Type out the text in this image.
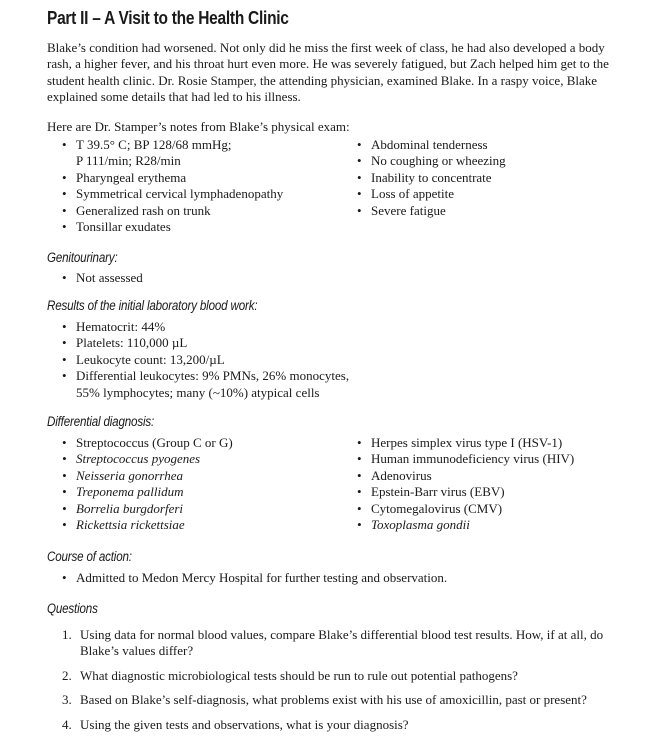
Part II – A Visit to the Health Clinic

Blake’s condition had worsened. Not only did he miss the first week of class, he had also developed a body rash, a higher fever, and his throat hurt even more. He was severely fatigued, but Zach helped him get to the student health clinic. Dr. Rosie Stamper, the attending physician, examined Blake. In a raspy voice, Blake explained some details that had led to his illness.

Here are Dr. Stamper’s notes from Blake’s physical exam:

• T 39.5° C; BP 128/68 mmHg;
P 111/min; R28/min
• Pharyngeal erythema
• Symmetrical cervical lymphadenopathy
• Generalized rash on trunk
• Tonsillar exudates
• Abdominal tenderness
• No coughing or wheezing
• Inability to concentrate
• Loss of appetite
• Severe fatigue

Genitourinary:

• Not assessed

Results of the initial laboratory blood work:

• Hematocrit: 44%
• Platelets: 110,000 µL
• Leukocyte count: 13,200/µL
• Differential leukocytes: 9% PMNs, 26% monocytes,
55% lymphocytes; many (~10%) atypical cells

Differential diagnosis:

• Streptococcus (Group C or G)
• Streptococcus pyogenes
• Neisseria gonorrhea
• Treponema pallidum
• Borrelia burgdorferi
• Rickettsia rickettsiae
• Herpes simplex virus type I (HSV-1)
• Human immunodeficiency virus (HIV)
• Adenovirus
• Epstein-Barr virus (EBV)
• Cytomegalovirus (CMV)
• Toxoplasma gondii

Course of action:

• Admitted to Medon Mercy Hospital for further testing and observation.

Questions

1. Using data for normal blood values, compare Blake’s differential blood test results. How, if at all, do Blake’s values differ?
2. What diagnostic microbiological tests should be run to rule out potential pathogens?
3. Based on Blake’s self-diagnosis, what problems exist with his use of amoxicillin, past or present?
4. Using the given tests and observations, what is your diagnosis?
